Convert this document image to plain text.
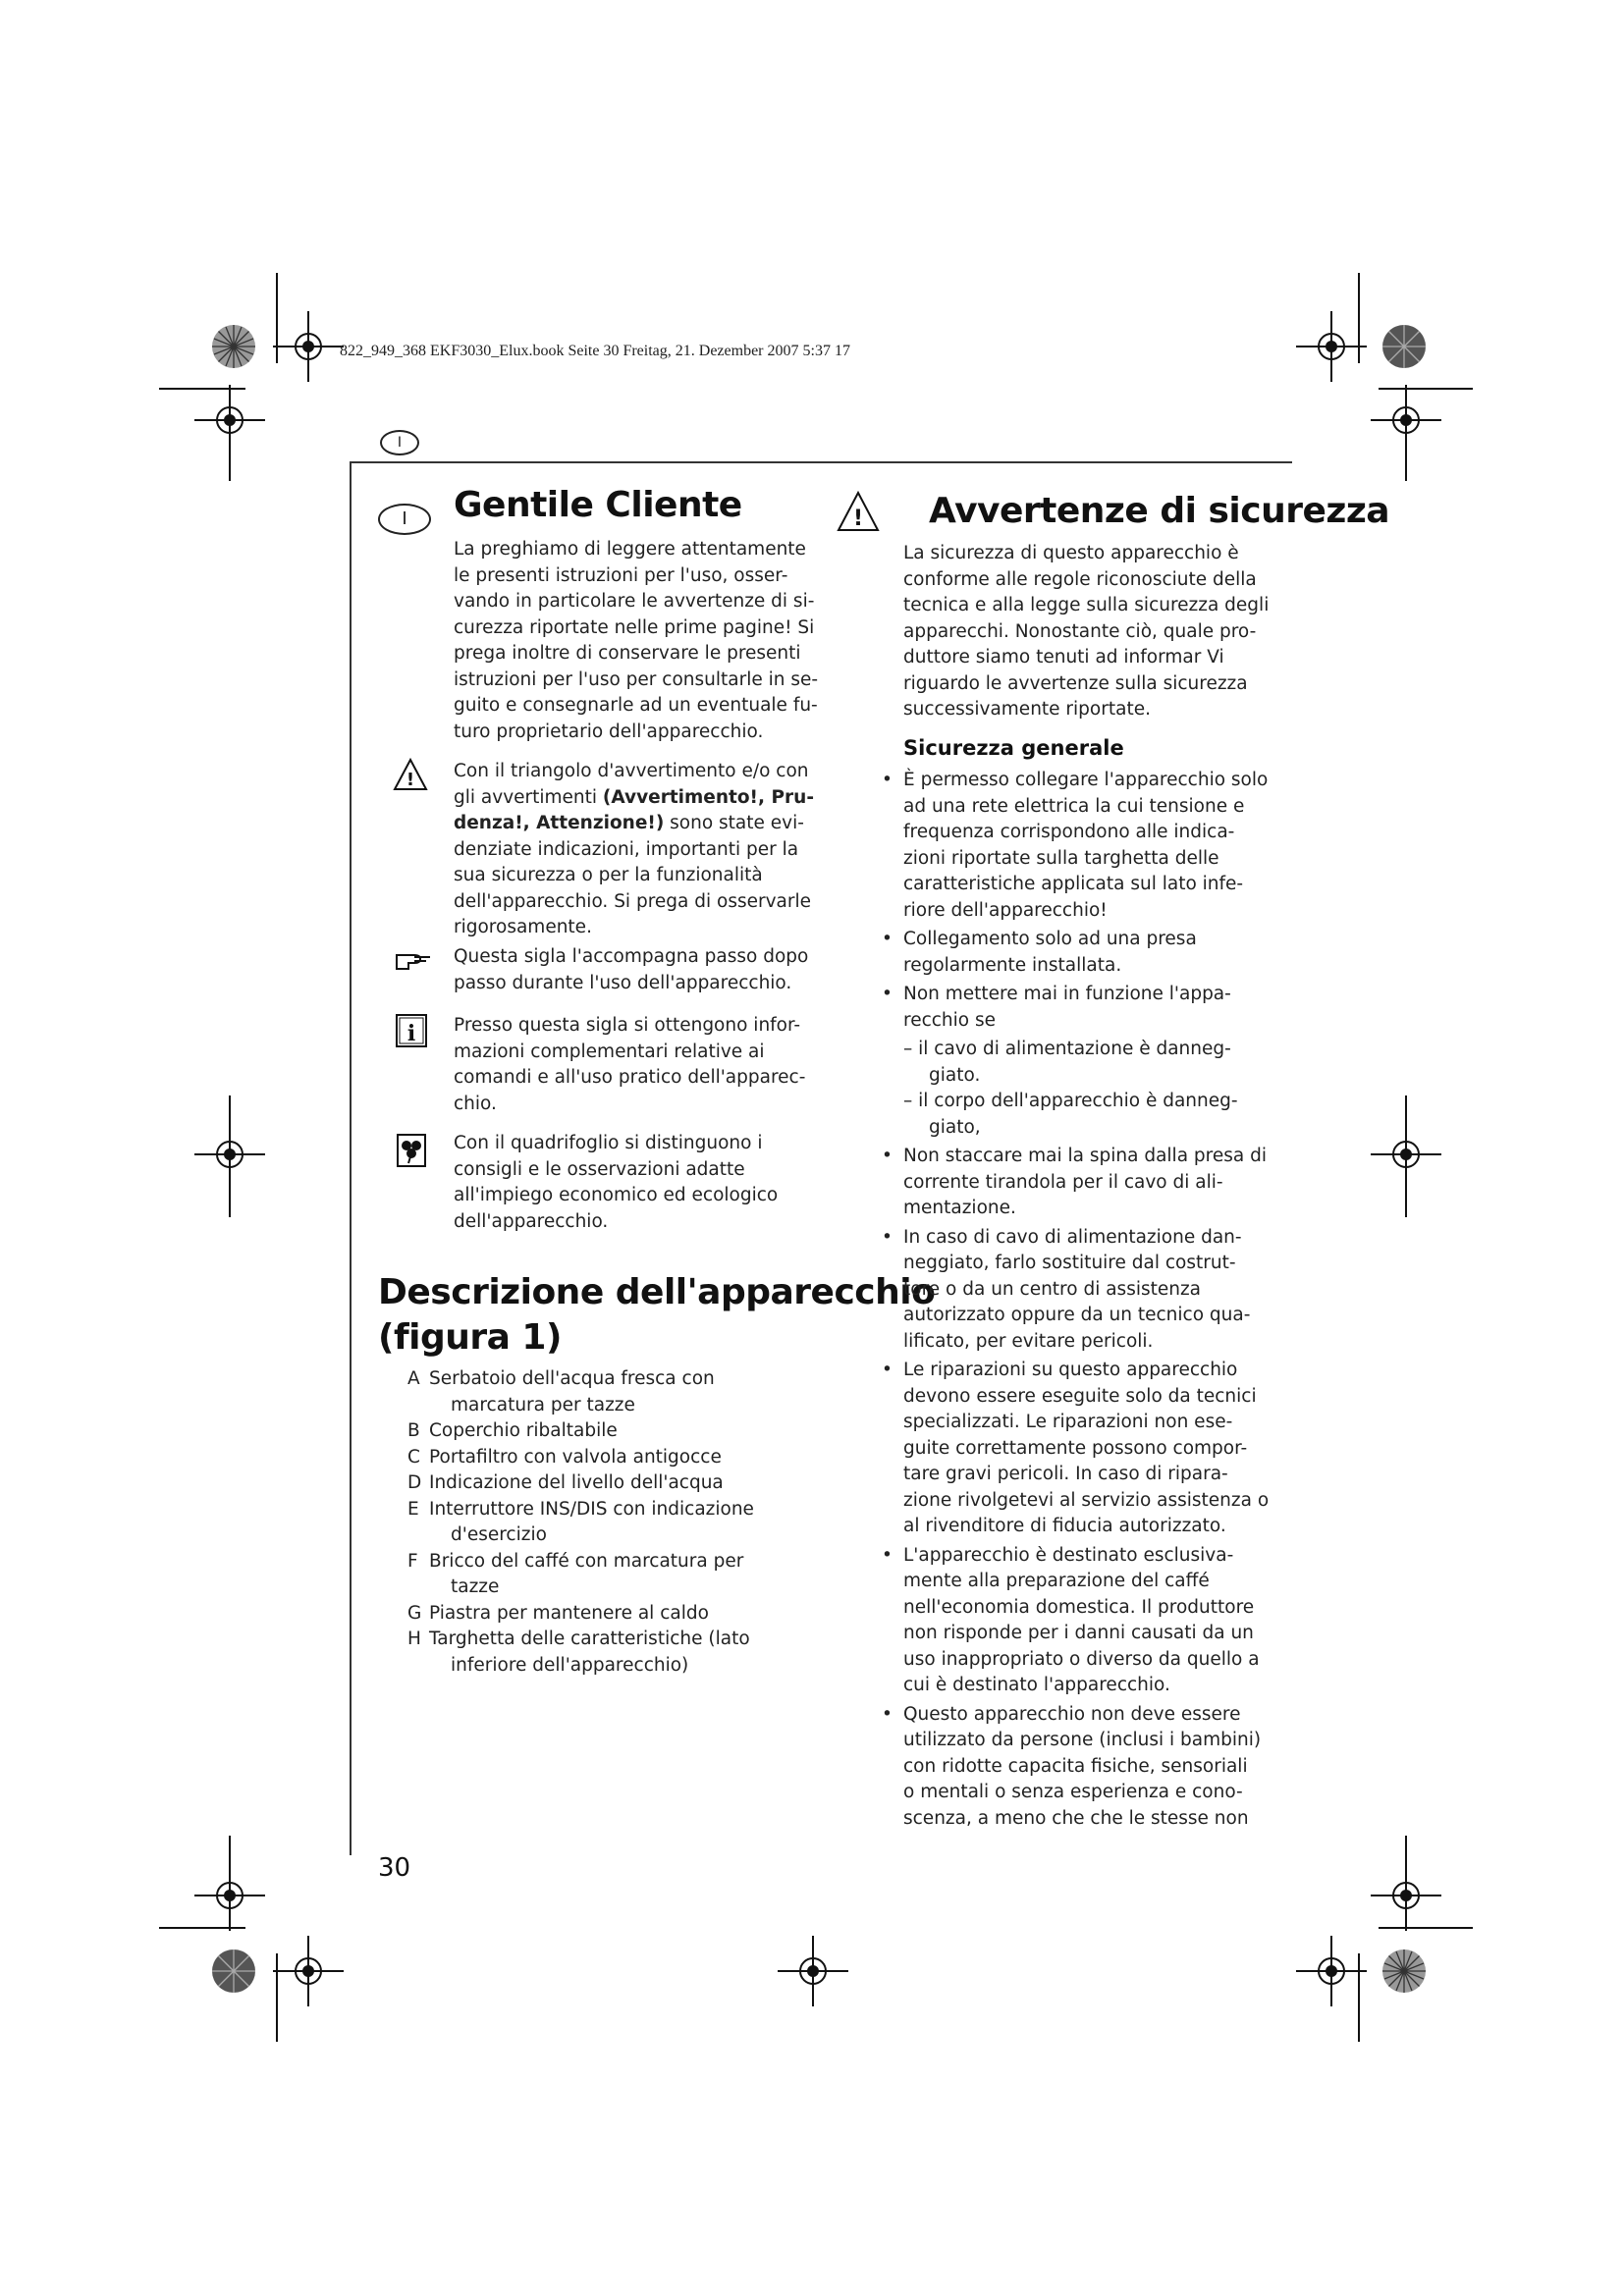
822_949_368 EKF3030_Elux.book Seite 30 Freitag, 21. Dezember 2007 5:37 17
I
I	Gentile Cliente
La preghiamo di leggere attentamente
le presenti istruzioni per l'uso, osser-
vando in particolare le avvertenze di si-
curezza riportate nelle prime pagine! Si
prega inoltre di conservare le presenti
istruzioni per l'uso per consultarle in se-
guito e consegnarle ad un eventuale fu-
turo proprietario dell'apparecchio.
! Con il triangolo d'avvertimento e/o con
gli avvertimenti (Avvertimento!, Pru-
denza!, Attenzione!) sono state evi-
denziate indicazioni, importanti per la
sua sicurezza o per la funzionalità
dell'apparecchio. Si prega di osservarle
rigorosamente.
Questa sigla l'accompagna passo dopo
passo durante l'uso dell'apparecchio.
i Presso questa sigla si ottengono infor-
mazioni complementari relative ai
comandi e all'uso pratico dell'apparec-
chio.
Con il quadrifoglio si distinguono i
consigli e le osservazioni adatte
all'impiego economico ed ecologico
dell'apparecchio.
Descrizione dell'apparecchio
(figura 1)
A Serbatoio dell'acqua fresca con
marcatura per tazze
B Coperchio ribaltabile
C Portafiltro con valvola antigocce
D Indicazione del livello dell'acqua
E Interruttore INS/DIS con indicazione
d'esercizio
F Bricco del caffé con marcatura per
tazze
G Piastra per mantenere al caldo
H Targhetta delle caratteristiche (lato
inferiore dell'apparecchio)
30
! Avvertenze di sicurezza
La sicurezza di questo apparecchio è
conforme alle regole riconosciute della
tecnica e alla legge sulla sicurezza degli
apparecchi. Nonostante ciò, quale pro-
duttore siamo tenuti ad informar Vi
riguardo le avvertenze sulla sicurezza
successivamente riportate.
Sicurezza generale
• È permesso collegare l'apparecchio solo
ad una rete elettrica la cui tensione e
frequenza corrispondono alle indica-
zioni riportate sulla targhetta delle
caratteristiche applicata sul lato infe-
riore dell'apparecchio!
• Collegamento solo ad una presa
regolarmente installata.
• Non mettere mai in funzione l'appa-
recchio se
– il cavo di alimentazione è danneg-
giato.
– il corpo dell'apparecchio è danneg-
giato,
• Non staccare mai la spina dalla presa di
corrente tirandola per il cavo di ali-
mentazione.
• In caso di cavo di alimentazione dan-
neggiato, farlo sostituire dal costrut-
tore o da un centro di assistenza
autorizzato oppure da un tecnico qua-
lificato, per evitare pericoli.
• Le riparazioni su questo apparecchio
devono essere eseguite solo da tecnici
specializzati. Le riparazioni non ese-
guite correttamente possono compor-
tare gravi pericoli. In caso di ripara-
zione rivolgetevi al servizio assistenza o
al rivenditore di fiducia autorizzato.
• L'apparecchio è destinato esclusiva-
mente alla preparazione del caffé
nell'economia domestica. Il produttore
non risponde per i danni causati da un
uso inappropriato o diverso da quello a
cui è destinato l'apparecchio.
• Questo apparecchio non deve essere
utilizzato da persone (inclusi i bambini)
con ridotte capacita fisiche, sensoriali
o mentali o senza esperienza e cono-
scenza, a meno che che le stesse non
